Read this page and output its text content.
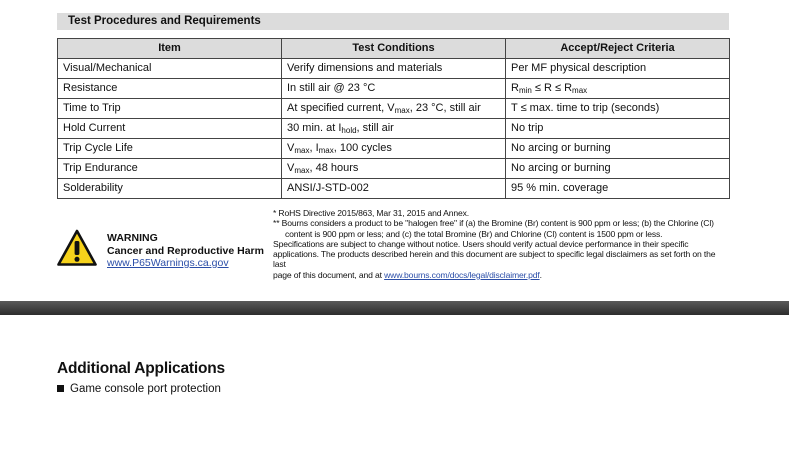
Test Procedures and Requirements
Item	Test Conditions	Accept/Reject Criteria
Visual/Mechanical	Verify dimensions and materials	Per MF physical description
Resistance	In still air @ 23 °C	$R_{min} \le R \le R_{max}$
Time to Trip	At specified current, $V_{max}$, 23 °C, still air	T ≤ max. time to trip (seconds)
Hold Current	30 min. at $I_{hold}$, still air	No trip
Trip Cycle Life	$V_{max}$, $I_{max}$, 100 cycles	No arcing or burning
Trip Endurance	$V_{max}$, 48 hours	No arcing or burning
Solderability	ANSI/J-STD-002	95 % min. coverage
WARNING
Cancer and Reproductive Harm
www.P65Warnings.ca.gov
* RoHS Directive 2015/863, Mar 31, 2015 and Annex.
** Bourns considers a product to be "halogen free" if (a) the Bromine (Br) content is 900 ppm or less; (b) the Chlorine (Cl)
content is 900 ppm or less; and (c) the total Bromine (Br) and Chlorine (Cl) content is 1500 ppm or less.
Specifications are subject to change without notice. Users should verify actual device performance in their specific
applications. The products described herein and this document are subject to specific legal disclaimers as set forth on the last
page of this document, and at www.bourns.com/docs/legal/disclaimer.pdf.
Additional Applications
Game console port protection
